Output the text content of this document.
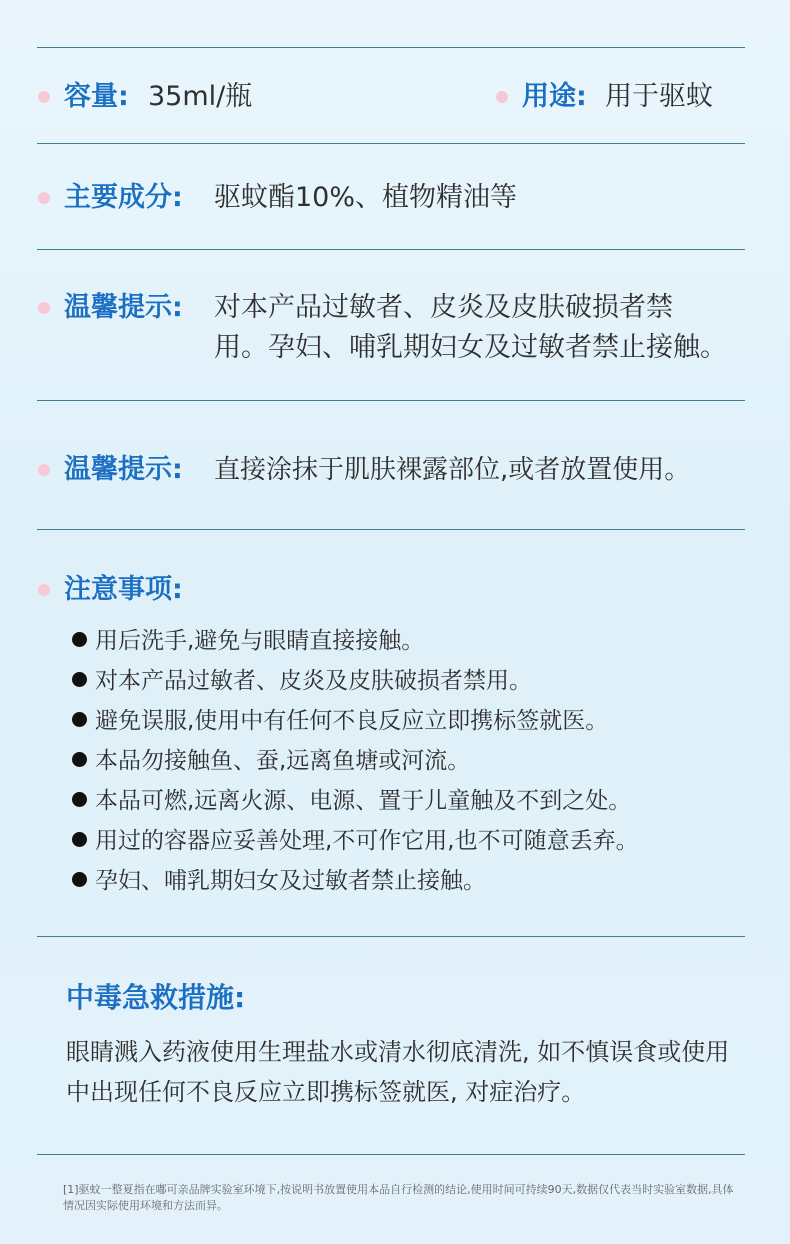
容量: 35ml/瓶	用途: 用于驱蚊
主要成分: 驱蚊酯10%、植物精油等
温馨提示: 对本产品过敏者、皮炎及皮肤破损者禁
用。孕妇、哺乳期妇女及过敏者禁止接触。
温馨提示: 直接涂抹于肌肤裸露部位,或者放置使用。
注意事项:
用后洗手,避免与眼睛直接接触。
对本产品过敏者、皮炎及皮肤破损者禁用。
避免误服,使用中有任何不良反应立即携标签就医。
本品勿接触鱼、蚕,远离鱼塘或河流。
本品可燃,远离火源、电源、置于儿童触及不到之处。
用过的容器应妥善处理,不可作它用,也不可随意丢弃。
孕妇、哺乳期妇女及过敏者禁止接触。
中毒急救措施:
眼睛溅入药液使用生理盐水或清水彻底清洗, 如不慎误食或使用中出现任何不良反应立即携标签就医, 对症治疗。
[1]驱蚊一整夏指在嘟可亲品牌实验室环境下,按说明书放置使用本品自行检测的结论,使用时间可持续90天,数据仅代表当时实验室数据,具体情况因实际使用环境和方法而异。
